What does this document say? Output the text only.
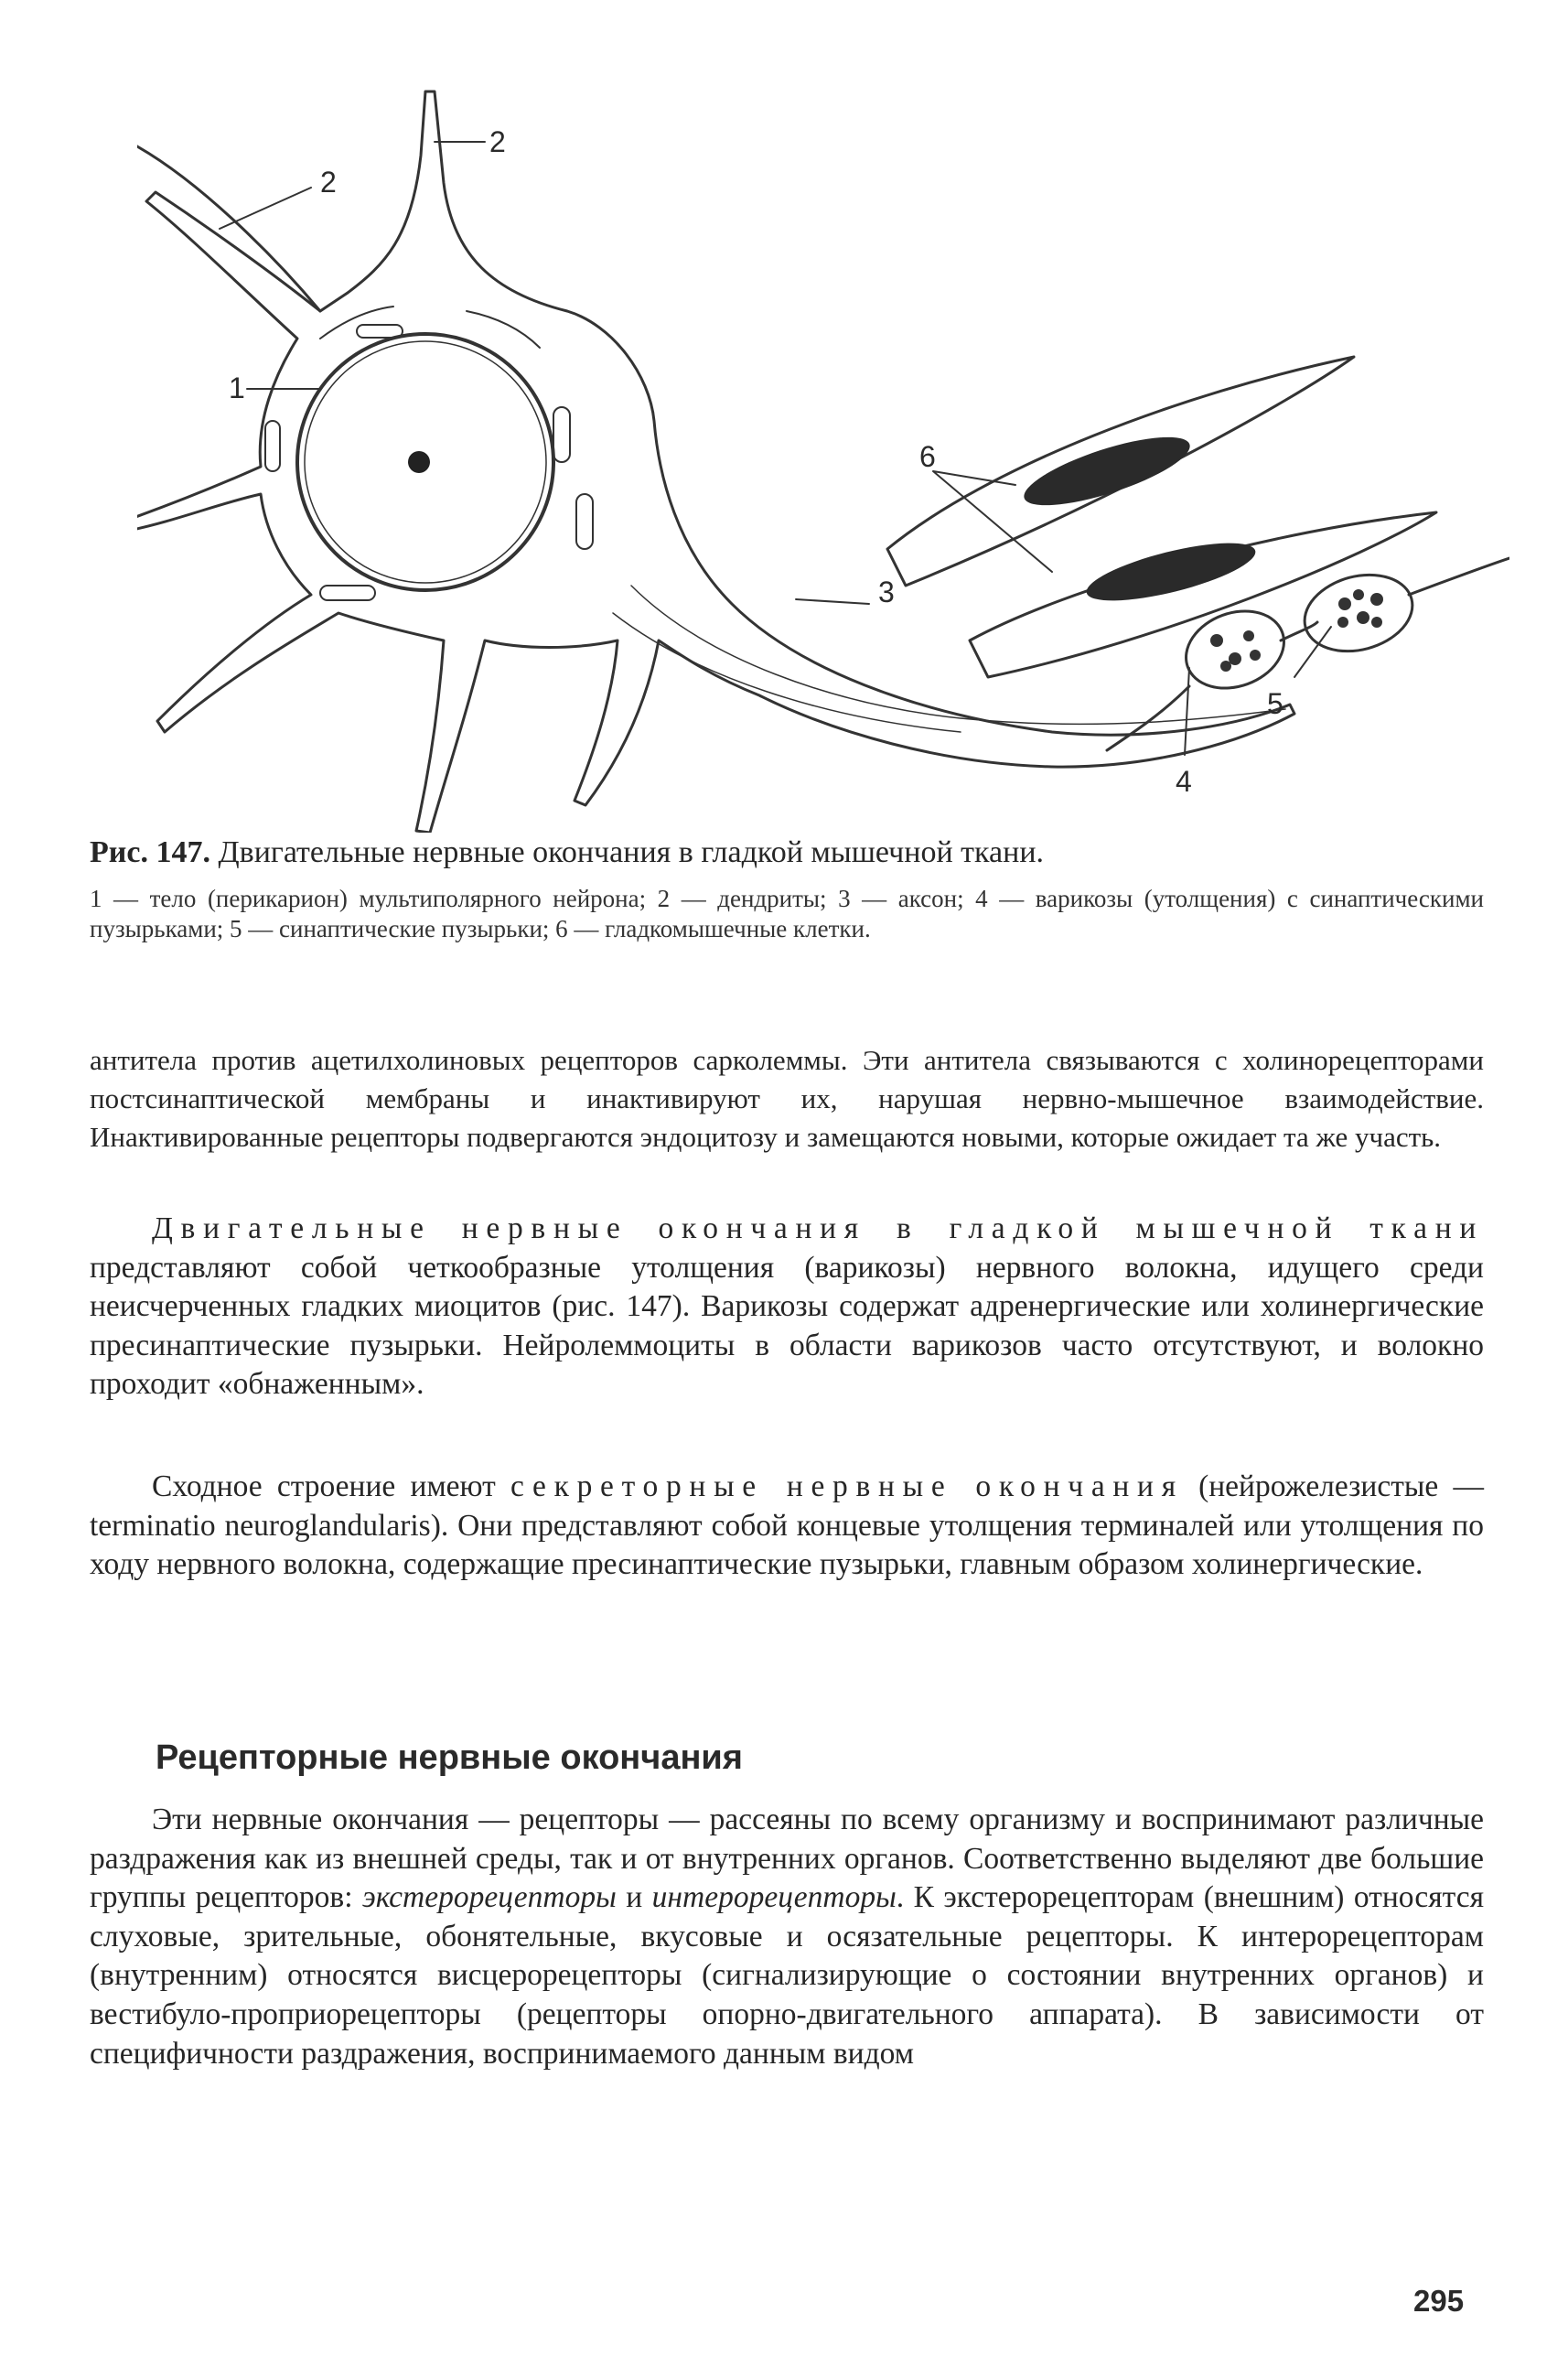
2
2
1
3
6
4
5
Рис. 147. Двигательные нервные окончания в гладкой мышечной ткани.
1 — тело (перикарион) мультиполярного нейрона; 2 — дендриты; 3 — аксон; 4 — варикозы (утолщения) с синаптическими пузырьками; 5 — синаптические пузырьки; 6 — гладкомышечные клетки.
антитела против ацетилхолиновых рецепторов сарколеммы. Эти антитела связываются с холинорецепторами постсинаптической мембраны и инактивируют их, нарушая нервно-мышечное взаимодействие. Инактивированные рецепторы подвергаются эндоцитозу и замещаются новыми, которые ожидает та же участь.
Двигательные нервные окончания в гладкой мышечной ткани представляют собой четкообразные утолщения (варикозы) нервного волокна, идущего среди неисчерченных гладких миоцитов (рис. 147). Варикозы содержат адренергические или холинергические пресинаптические пузырьки. Нейролеммоциты в области варикозов часто отсутствуют, и волокно проходит «обнаженным».
Сходное строение имеют секреторные нервные окончания (нейрожелезистые — terminatio neuroglandularis). Они представляют собой концевые утолщения терминалей или утолщения по ходу нервного волокна, содержащие пресинаптические пузырьки, главным образом холинергические.
Рецепторные нервные окончания
Эти нервные окончания — рецепторы — рассеяны по всему организму и воспринимают различные раздражения как из внешней среды, так и от внутренних органов. Соответственно выделяют две большие группы рецепторов: экстерорецепторы и интерорецепторы. К экстерорецепторам (внешним) относятся слуховые, зрительные, обонятельные, вкусовые и осязательные рецепторы. К интерорецепторам (внутренним) относятся висцерорецепторы (сигнализирующие о состоянии внутренних органов) и вестибуло-проприорецепторы (рецепторы опорно-двигательного аппарата). В зависимости от специфичности раздражения, воспринимаемого данным видом
295
